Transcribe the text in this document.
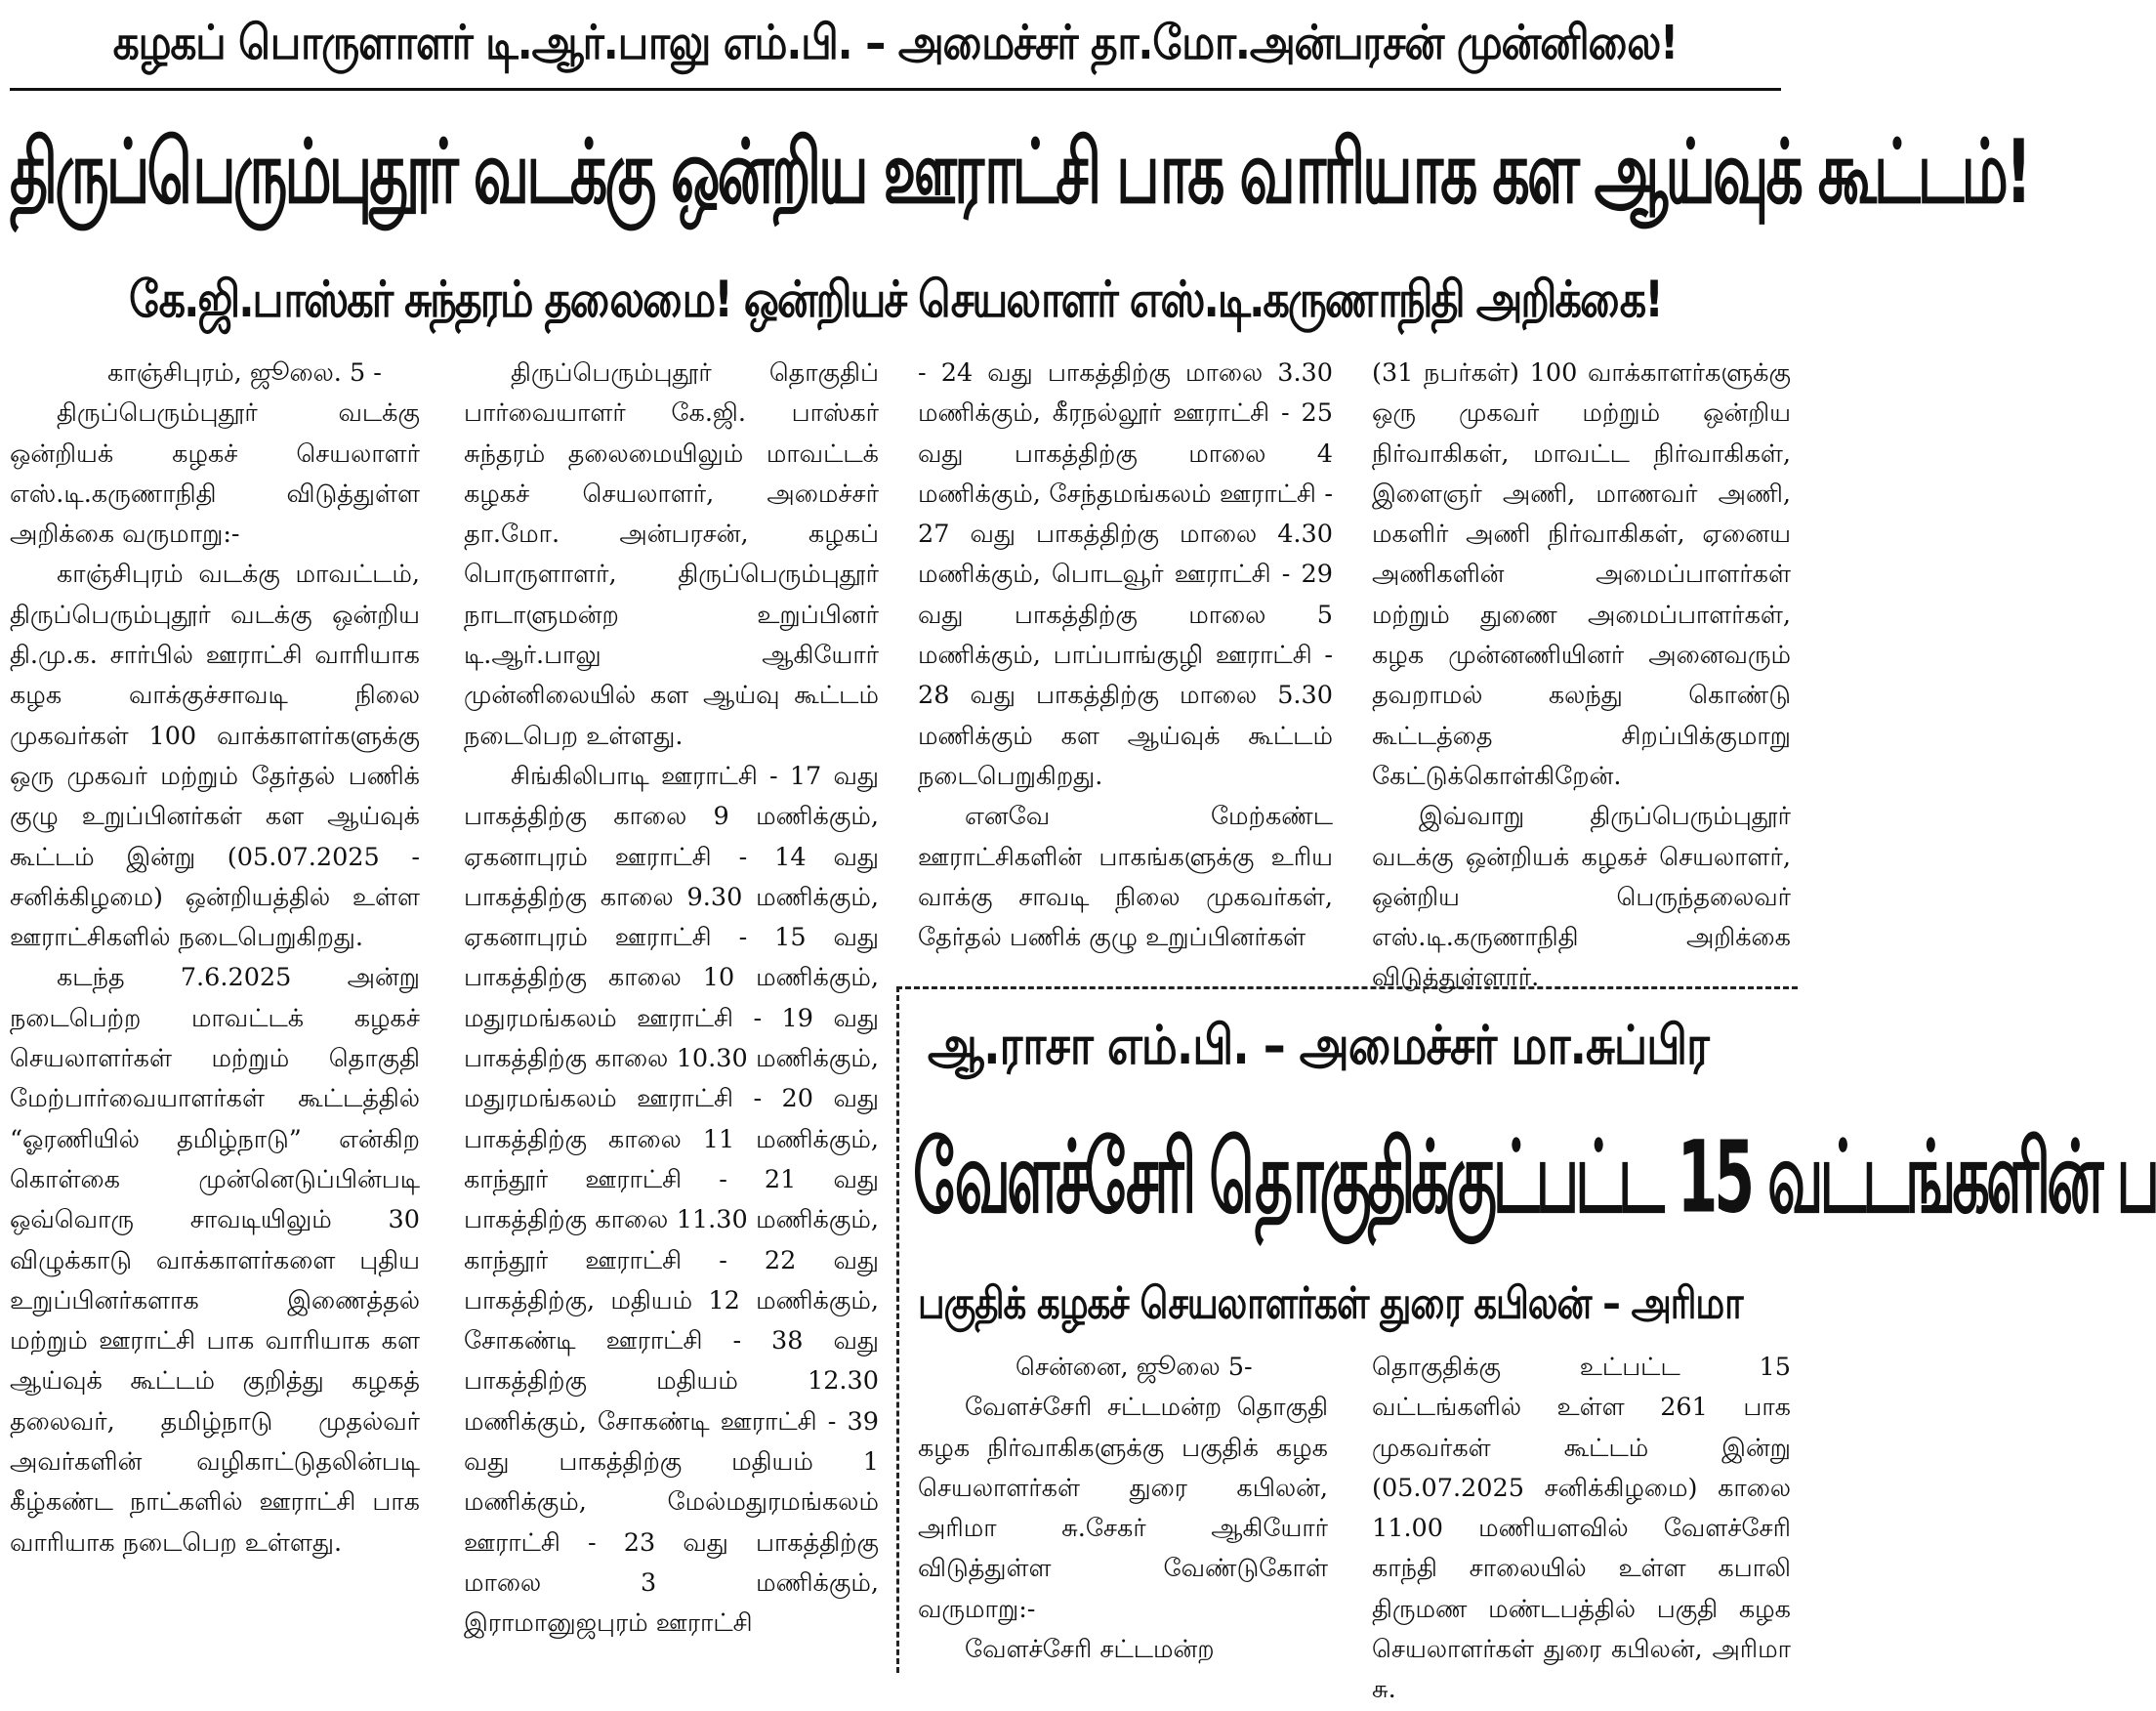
கழகப் பொருளாளர் டி.ஆர்.பாலு எம்.பி. – அமைச்சர் தா.மோ.அன்பரசன் முன்னிலை!
திருப்பெரும்புதூர் வடக்கு ஒன்றிய ஊராட்சி பாக வாரியாக கள ஆய்வுக் கூட்டம்!
கே.ஜி.பாஸ்கர் சுந்தரம் தலைமை! ஒன்றியச் செயலாளர் எஸ்.டி.கருணாநிதி அறிக்கை!

காஞ்சிபுரம், ஜூலை. 5 -

திருப்பெரும்புதூர் வடக்கு ஒன்றியக் கழகச் செயலாளர் எஸ்.டி.கருணாநிதி விடுத்துள்ள அறிக்கை வருமாறு:-

காஞ்சிபுரம் வடக்கு மாவட்டம், திருப்பெரும்புதூர் வடக்கு ஒன்றிய தி.மு.க. சார்பில் ஊராட்சி வாரியாக கழக வாக்குச்சாவடி நிலை முகவர்கள் 100 வாக்காளர்களுக்கு ஒரு முகவர் மற்றும் தேர்தல் பணிக் குழு உறுப்பினர்கள் கள ஆய்வுக் கூட்டம் இன்று (05.07.2025 - சனிக்கிழமை) ஒன்றியத்தில் உள்ள ஊராட்சிகளில் நடைபெறுகிறது.

கடந்த 7.6.2025 அன்று நடைபெற்ற மாவட்டக் கழகச் செயலாளர்கள் மற்றும் தொகுதி மேற்பார்வையாளர்கள் கூட்டத்தில் “ஓரணியில் தமிழ்நாடு” என்கிற கொள்கை முன்னெடுப்பின்படி ஒவ்வொரு சாவடியிலும் 30 விழுக்காடு வாக்காளர்களை புதிய உறுப்பினர்களாக இணைத்தல் மற்றும் ஊராட்சி பாக வாரியாக கள ஆய்வுக் கூட்டம் குறித்து கழகத் தலைவர், தமிழ்நாடு முதல்வர் அவர்களின் வழிகாட்டுதலின்படி கீழ்கண்ட நாட்களில் ஊராட்சி பாக வாரியாக நடைபெற உள்ளது.

திருப்பெரும்புதூர் தொகுதிப் பார்வையாளர் கே.ஜி. பாஸ்கர் சுந்தரம் தலைமையிலும் மாவட்டக் கழகச் செயலாளர், அமைச்சர் தா.மோ. அன்பரசன், கழகப் பொருளாளர், திருப்பெரும்புதூர் நாடாளுமன்ற உறுப்பினர் டி.ஆர்.பாலு ஆகியோர் முன்னிலையில் கள ஆய்வு கூட்டம் நடைபெற உள்ளது.

சிங்கிலிபாடி ஊராட்சி - 17 வது பாகத்திற்கு காலை 9 மணிக்கும், ஏகனாபுரம் ஊராட்சி - 14 வது பாகத்திற்கு காலை 9.30 மணிக்கும், ஏகனாபுரம் ஊராட்சி - 15 வது பாகத்திற்கு காலை 10 மணிக்கும், மதுரமங்கலம் ஊராட்சி - 19 வது பாகத்திற்கு காலை 10.30 மணிக்கும், மதுரமங்கலம் ஊராட்சி - 20 வது பாகத்திற்கு காலை 11 மணிக்கும், காந்தூர் ஊராட்சி - 21 வது பாகத்திற்கு காலை 11.30 மணிக்கும், காந்தூர் ஊராட்சி - 22 வது பாகத்திற்கு, மதியம் 12 மணிக்கும், சோகண்டி ஊராட்சி - 38 வது பாகத்திற்கு மதியம் 12.30 மணிக்கும், சோகண்டி ஊராட்சி - 39 வது பாகத்திற்கு மதியம் 1 மணிக்கும், மேல்மதுரமங்கலம் ஊராட்சி - 23 வது பாகத்திற்கு மாலை 3 மணிக்கும், இராமானுஜபுரம் ஊராட்சி

- 24 வது பாகத்திற்கு மாலை 3.30 மணிக்கும், கீரநல்லூர் ஊராட்சி - 25 வது பாகத்திற்கு மாலை 4 மணிக்கும், சேந்தமங்கலம் ஊராட்சி - 27 வது பாகத்திற்கு மாலை 4.30 மணிக்கும், பொடவூர் ஊராட்சி - 29 வது பாகத்திற்கு மாலை 5 மணிக்கும், பாப்பாங்குழி ஊராட்சி - 28 வது பாகத்திற்கு மாலை 5.30 மணிக்கும் கள ஆய்வுக் கூட்டம் நடைபெறுகிறது.

எனவே மேற்கண்ட ஊராட்சிகளின் பாகங்களுக்கு உரிய வாக்கு சாவடி நிலை முகவர்கள், தேர்தல் பணிக் குழு உறுப்பினர்கள்

(31 நபர்கள்) 100 வாக்காளர்களுக்கு ஒரு முகவர் மற்றும் ஒன்றிய நிர்வாகிகள், மாவட்ட நிர்வாகிகள், இளைஞர் அணி, மாணவர் அணி, மகளிர் அணி நிர்வாகிகள், ஏனைய அணிகளின் அமைப்பாளர்கள் மற்றும் துணை அமைப்பாளர்கள், கழக முன்னணியினர் அனைவரும் தவறாமல் கலந்து கொண்டு கூட்டத்தை சிறப்பிக்குமாறு கேட்டுக்கொள்கிறேன்.

இவ்வாறு திருப்பெரும்புதூர் வடக்கு ஒன்றியக் கழகச் செயலாளர், ஒன்றிய பெருந்தலைவர் எஸ்.டி.கருணாநிதி அறிக்கை விடுத்துள்ளார்.

ஆ.ராசா எம்.பி. – அமைச்சர் மா.சுப்பிர
வேளச்சேரி தொகுதிக்குட்பட்ட 15 வட்டங்களின் ப
பகுதிக் கழகச் செயலாளர்கள் துரை கபிலன் – அரிமா

சென்னை, ஜூலை 5-

வேளச்சேரி சட்டமன்ற தொகுதி கழக நிர்வாகிகளுக்கு பகுதிக் கழக செயலாளர்கள் துரை கபிலன், அரிமா சு.சேகர் ஆகியோர் விடுத்துள்ள வேண்டுகோள் வருமாறு:-

வேளச்சேரி சட்டமன்ற

தொகுதிக்கு உட்பட்ட 15 வட்டங்களில் உள்ள 261 பாக முகவர்கள் கூட்டம் இன்று (05.07.2025 சனிக்கிழமை) காலை 11.00 மணியளவில் வேளச்சேரி காந்தி சாலையில் உள்ள கபாலி திருமண மண்டபத்தில் பகுதி கழக செயலாளர்கள் துரை கபிலன், அரிமா சு.
